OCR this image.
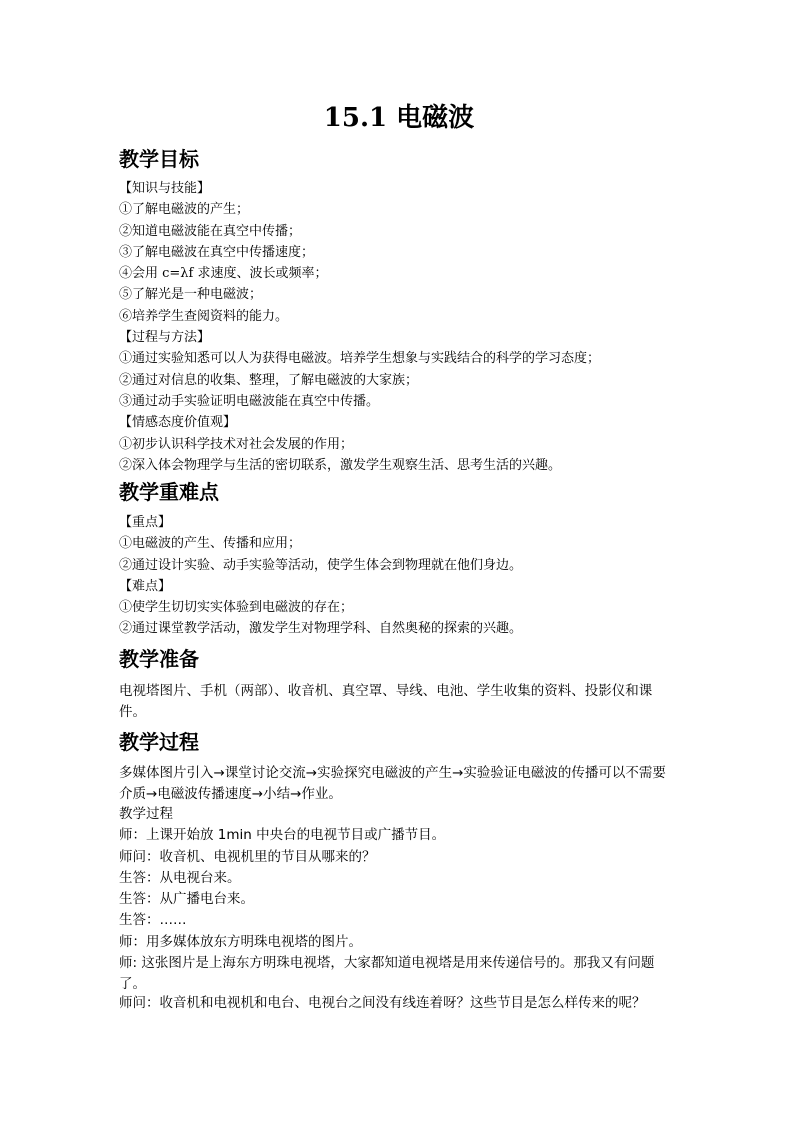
15.1 电磁波
教学目标
【知识与技能】
①了解电磁波的产生；
②知道电磁波能在真空中传播；
③了解电磁波在真空中传播速度；
④会用 c=λf 求速度、波长或频率；
⑤了解光是一种电磁波；
⑥培养学生查阅资料的能力。
【过程与方法】
①通过实验知悉可以人为获得电磁波。培养学生想象与实践结合的科学的学习态度；
②通过对信息的收集、整理，了解电磁波的大家族；
③通过动手实验证明电磁波能在真空中传播。
【情感态度价值观】
①初步认识科学技术对社会发展的作用；
②深入体会物理学与生活的密切联系，激发学生观察生活、思考生活的兴趣。
教学重难点
【重点】
①电磁波的产生、传播和应用；
②通过设计实验、动手实验等活动，使学生体会到物理就在他们身边。
【难点】
①使学生切切实实体验到电磁波的存在；
②通过课堂教学活动，激发学生对物理学科、自然奥秘的探索的兴趣。
教学准备

电视塔图片、手机（两部）、收音机、真空罩、导线、电池、学生收集的资料、投影仪和课件。

教学过程

多媒体图片引入→课堂讨论交流→实验探究电磁波的产生→实验验证电磁波的传播可以不需要介质→电磁波传播速度→小结→作业。

教学过程
师：上课开始放 1min 中央台的电视节目或广播节目。
师问：收音机、电视机里的节目从哪来的？
生答：从电视台来。
生答：从广播电台来。
生答：……
师：用多媒体放东方明珠电视塔的图片。

师: 这张图片是上海东方明珠电视塔，大家都知道电视塔是用来传递信号的。那我又有问题了。

师问：收音机和电视机和电台、电视台之间没有线连着呀？这些节目是怎么样传来的呢？
